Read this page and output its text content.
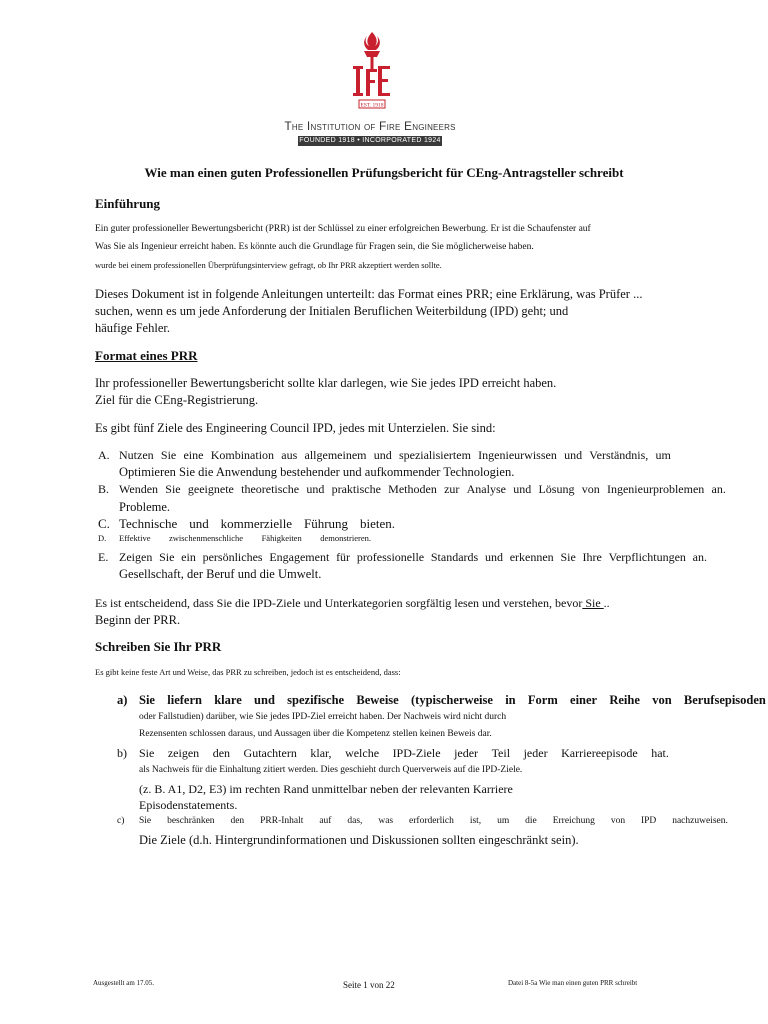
EST. 1918
The Institution of Fire Engineers
FOUNDED 1918 • INCORPORATED 1924
Wie man einen guten Professionellen Prüfungsbericht für CEng-Antragsteller schreibt
Einführung
Ein guter professioneller Bewertungsbericht (PRR) ist der Schlüssel zu einer erfolgreichen Bewerbung. Er ist die Schaufenster auf
Was Sie als Ingenieur erreicht haben. Es könnte auch die Grundlage für Fragen sein, die Sie möglicherweise haben.
wurde bei einem professionellen Überprüfungsinterview gefragt, ob Ihr PRR akzeptiert werden sollte.
Dieses Dokument ist in folgende Anleitungen unterteilt: das Format eines PRR; eine Erklärung, was Prüfer ...
suchen, wenn es um jede Anforderung der Initialen Beruflichen Weiterbildung (IPD) geht; und
häufige Fehler.
Format eines PRR
Ihr professioneller Bewertungsbericht sollte klar darlegen, wie Sie jedes IPD erreicht haben.
Ziel für die CEng-Registrierung.
Es gibt fünf Ziele des Engineering Council IPD, jedes mit Unterzielen. Sie sind:
A. Nutzen Sie eine Kombination aus allgemeinem und spezialisiertem Ingenieurwissen und Verständnis, um
Optimieren Sie die Anwendung bestehender und aufkommender Technologien.
B. Wenden Sie geeignete theoretische und praktische Methoden zur Analyse und Lösung von Ingenieurproblemen an.
Probleme.
C. Technische und kommerzielle Führung bieten.
D. Effektive zwischenmenschliche Fähigkeiten demonstrieren.
E. Zeigen Sie ein persönliches Engagement für professionelle Standards und erkennen Sie Ihre Verpflichtungen an.
Gesellschaft, der Beruf und die Umwelt.
Es ist entscheidend, dass Sie die IPD-Ziele und Unterkategorien sorgfältig lesen und verstehen, bevor Sie ..
Beginn der PRR.
Schreiben Sie Ihr PRR
Es gibt keine feste Art und Weise, das PRR zu schreiben, jedoch ist es entscheidend, dass:
a) Sie liefern klare und spezifische Beweise (typischerweise in Form einer Reihe von Berufsepisoden
oder Fallstudien) darüber, wie Sie jedes IPD-Ziel erreicht haben. Der Nachweis wird nicht durch
Rezensenten schlossen daraus, und Aussagen über die Kompetenz stellen keinen Beweis dar.
b) Sie zeigen den Gutachtern klar, welche IPD-Ziele jeder Teil jeder Karriereepisode hat.
als Nachweis für die Einhaltung zitiert werden. Dies geschieht durch Querverweis auf die IPD-Ziele.
(z. B. A1, D2, E3) im rechten Rand unmittelbar neben der relevanten Karriere
Episodenstatements.
c) Sie beschränken den PRR-Inhalt auf das, was erforderlich ist, um die Erreichung von IPD nachzuweisen.
Die Ziele (d.h. Hintergrundinformationen und Diskussionen sollten eingeschränkt sein).
Ausgestellt am 17.05.	Seite 1 von 22	Datei 8-5a Wie man einen guten PRR schreibt
